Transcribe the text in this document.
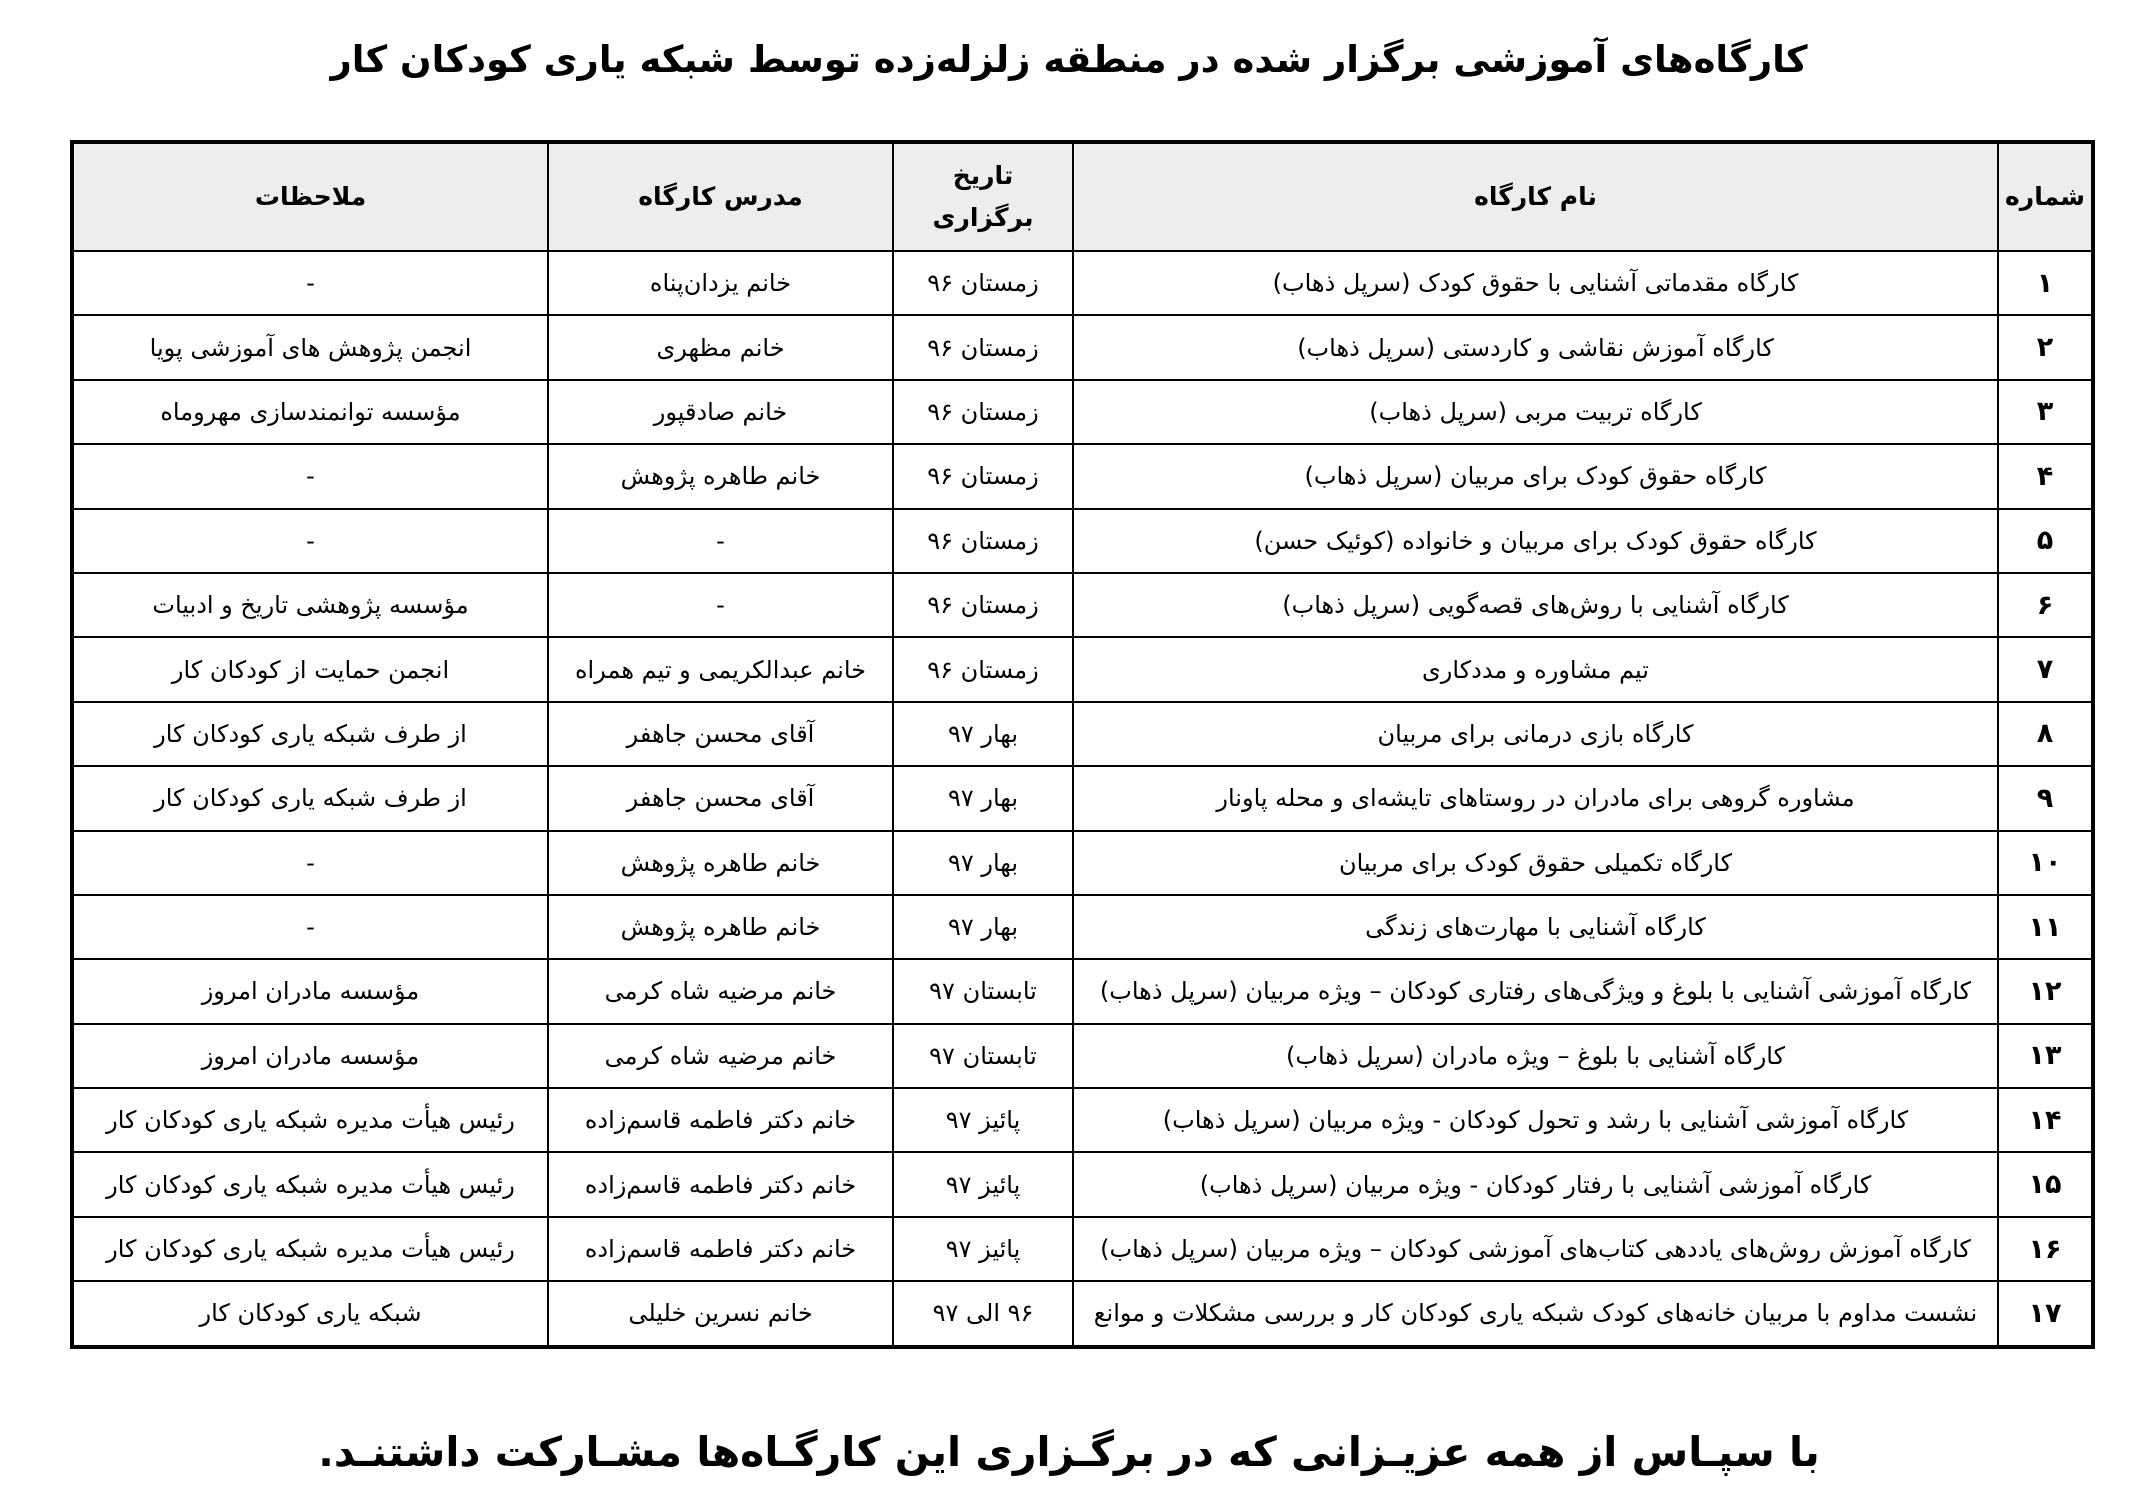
کارگاه‌های آموزشی برگزار شده در منطقه زلزله‌زده توسط شبکه یاری کودکان کار
شماره	نام کارگاه	تاریخ برگزاری	مدرس کارگاه	ملاحظات
۱	کارگاه مقدماتی آشنایی با حقوق کودک (سرپل ذهاب)	زمستان ۹۶	خانم یزدان‌پناه	-
۲	کارگاه آموزش نقاشی و کاردستی (سرپل ذهاب)	زمستان ۹۶	خانم مظهری	انجمن پژوهش های آموزشی پویا
۳	کارگاه تربیت مربی (سرپل ذهاب)	زمستان ۹۶	خانم صادقپور	مؤسسه توانمندسازی مهروماه
۴	کارگاه حقوق کودک برای مربیان (سرپل ذهاب)	زمستان ۹۶	خانم طاهره پژوهش	-
۵	کارگاه حقوق کودک برای مربیان و خانواده (کوئیک حسن)	زمستان ۹۶	-	-
۶	کارگاه آشنایی با روش‌های قصه‌گویی (سرپل ذهاب)	زمستان ۹۶	-	مؤسسه پژوهشی تاریخ و ادبیات
۷	تیم مشاوره و مددکاری	زمستان ۹۶	خانم عبدالکریمی و تیم همراه	انجمن حمایت از کودکان کار
۸	کارگاه بازی درمانی برای مربیان	بهار ۹۷	آقای محسن جاهفر	از طرف شبکه یاری کودکان کار
۹	مشاوره گروهی برای مادران در روستاهای تایشه‌ای و محله پاونار	بهار ۹۷	آقای محسن جاهفر	از طرف شبکه یاری کودکان کار
۱۰	کارگاه تکمیلی حقوق کودک برای مربیان	بهار ۹۷	خانم طاهره پژوهش	-
۱۱	کارگاه آشنایی با مهارت‌های زندگی	بهار ۹۷	خانم طاهره پژوهش	-
۱۲	کارگاه آموزشی آشنایی با بلوغ و ویژگی‌های رفتاری کودکان – ویژه مربیان (سرپل ذهاب)	تابستان ۹۷	خانم مرضیه شاه کرمی	مؤسسه مادران امروز
۱۳	کارگاه آشنایی با بلوغ – ویژه مادران (سرپل ذهاب)	تابستان ۹۷	خانم مرضیه شاه کرمی	مؤسسه مادران امروز
۱۴	کارگاه آموزشی آشنایی با رشد و تحول کودکان - ویژه مربیان (سرپل ذهاب)	پائیز ۹۷	خانم دکتر فاطمه قاسم‌زاده	رئیس هیأت مدیره شبکه یاری کودکان کار
۱۵	کارگاه آموزشی آشنایی با رفتار کودکان - ویژه مربیان (سرپل ذهاب)	پائیز ۹۷	خانم دکتر فاطمه قاسم‌زاده	رئیس هیأت مدیره شبکه یاری کودکان کار
۱۶	کارگاه آموزش روش‌های یاددهی کتاب‌های آموزشی کودکان – ویژه مربیان (سرپل ذهاب)	پائیز ۹۷	خانم دکتر فاطمه قاسم‌زاده	رئیس هیأت مدیره شبکه یاری کودکان کار
۱۷	نشست مداوم با مربیان خانه‌های کودک شبکه یاری کودکان کار و بررسی مشکلات و موانع	۹۶ الی ۹۷	خانم نسرین خلیلی	شبکه یاری کودکان کار
با سپـاس از همه عزیـزانی که در برگـزاری این کارگـاه‌ها مشـارکت داشتنـد.
